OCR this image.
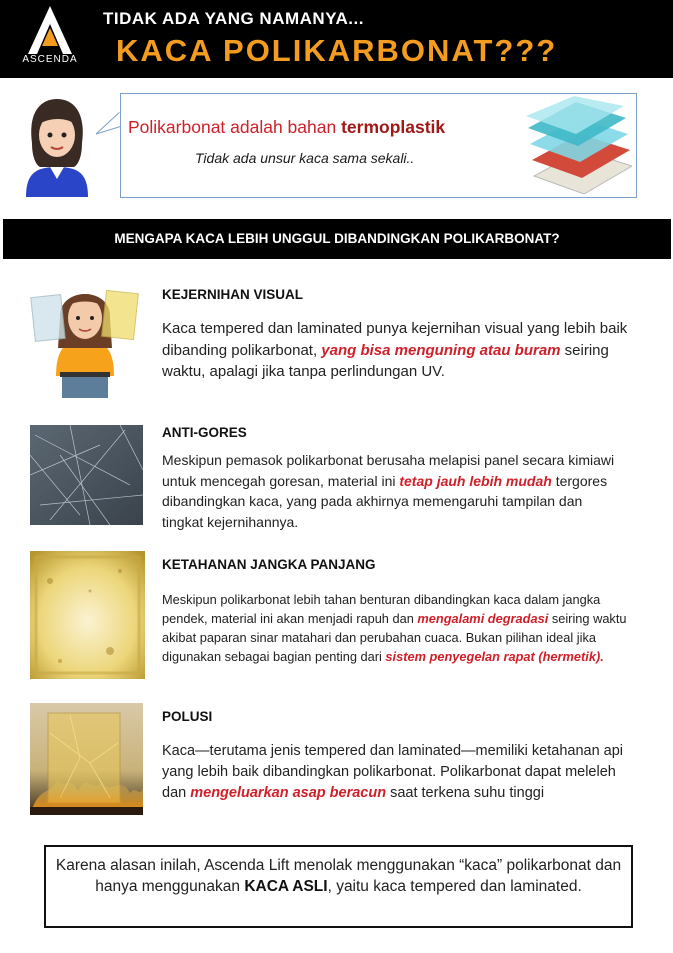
ASCENDA
TIDAK ADA YANG NAMANYA...
KACA POLIKARBONAT???
Polikarbonat adalah bahan termoplastik
Tidak ada unsur kaca sama sekali..
MENGAPA KACA LEBIH UNGGUL DIBANDINGKAN POLIKARBONAT?
KEJERNIHAN VISUAL
Kaca tempered dan laminated punya kejernihan visual yang lebih baik dibanding polikarbonat, yang bisa menguning atau buram seiring waktu, apalagi jika tanpa perlindungan UV.
ANTI-GORES
Meskipun pemasok polikarbonat berusaha melapisi panel secara kimiawi untuk mencegah goresan, material ini tetap jauh lebih mudah tergores dibandingkan kaca, yang pada akhirnya memengaruhi tampilan dan tingkat kejernihannya.
KETAHANAN JANGKA PANJANG
Meskipun polikarbonat lebih tahan benturan dibandingkan kaca dalam jangka pendek, material ini akan menjadi rapuh dan mengalami degradasi seiring waktu akibat paparan sinar matahari dan perubahan cuaca. Bukan pilihan ideal jika digunakan sebagai bagian penting dari sistem penyegelan rapat (hermetik).
POLUSI
Kaca—terutama jenis tempered dan laminated—memiliki ketahanan api yang lebih baik dibandingkan polikarbonat. Polikarbonat dapat meleleh dan mengeluarkan asap beracun saat terkena suhu tinggi
Karena alasan inilah, Ascenda Lift menolak menggunakan “kaca” polikarbonat dan hanya menggunakan KACA ASLI, yaitu kaca tempered dan laminated.
